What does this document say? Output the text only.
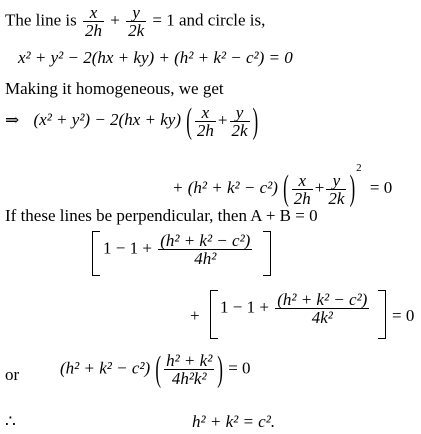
The line is $\frac{x}{2h} + \frac{y}{2k} = 1$ and circle is,
x² + y² − 2(hx + ky) + (h² + k² − c²) = 0
Making it homogeneous, we get
⇒ (x² + y²) − 2(hx + ky) ( $\frac{x}{2h} + \frac{y}{2k}$ )
+ (h² + k² − c²) ( $\frac{x}{2h} + \frac{y}{2k} )^2 = 0$
If these lines be perpendicular, then A + B = 0
$1 - 1 + \frac{\text{(h² + k² − c²)}}{\text{4h²}}$
+ $1 - 1 + \frac{\text{(h² + k² − c²)}}{\text{4k²}} = 0$
or (h² + k² − c²) ( $\frac{\text{h² + k²}}{\text{4h²k²}}$ ) = 0
∴	h² + k² = c².
